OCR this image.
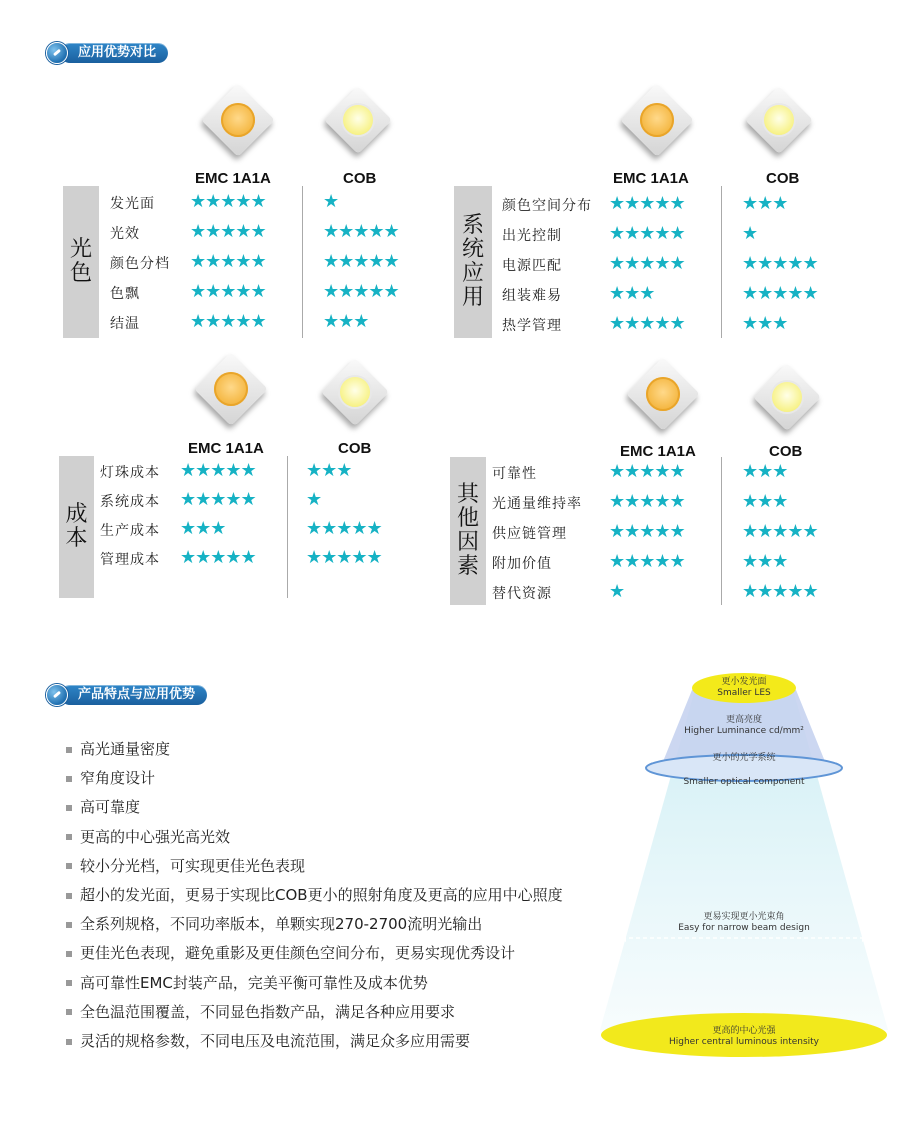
应用优势对比
EMC 1A1A	COB
光色
EMC 1A1A	COB
系统应用
EMC 1A1A	COB
成本
EMC 1A1A	COB
其他因素
产品特点与应用优势
高光通量密度
窄角度设计
高可靠度
更高的中心强光高光效
较小分光档，可实现更佳光色表现
超小的发光面，更易于实现比COB更小的照射角度及更高的应用中心照度
全系列规格，不同功率版本，单颗实现270-2700流明光输出
更佳光色表现，避免重影及更佳颜色空间分布，更易实现优秀设计
高可靠性EMC封装产品，完美平衡可靠性及成本优势
全色温范围覆盖，不同显色指数产品，满足各种应用要求
灵活的规格参数，不同电压及电流范围，满足众多应用需要
更小发光面
Smaller LES
更高亮度
Higher Luminance cd/mm²
更小的光学系统
Smaller optical component
更易实现更小光束角
Easy for narrow beam design
更高的中心光强
Higher central luminous intensity
发光面 ★★★★★	★
光效	★★★★★	★★★★★
颜色分档 ★★★★★	★★★★★
色飘	★★★★★	★★★★★
结温	★★★★★	★★★
颜色空间分布 ★★★★★	★★★
出光控制	★★★★★	★
电源匹配	★★★★★	★★★★★
组装难易	★★★	★★★★★
热学管理	★★★★★	★★★
灯珠成本 ★★★★★	★★★
系统成本 ★★★★★	★
生产成本 ★★★	★★★★★
管理成本 ★★★★★	★★★★★
可靠性	★★★★★	★★★
光通量维持率 ★★★★★	★★★
供应链管理 ★★★★★	★★★★★
附加价值	★★★★★	★★★
替代资源	★	★★★★★
